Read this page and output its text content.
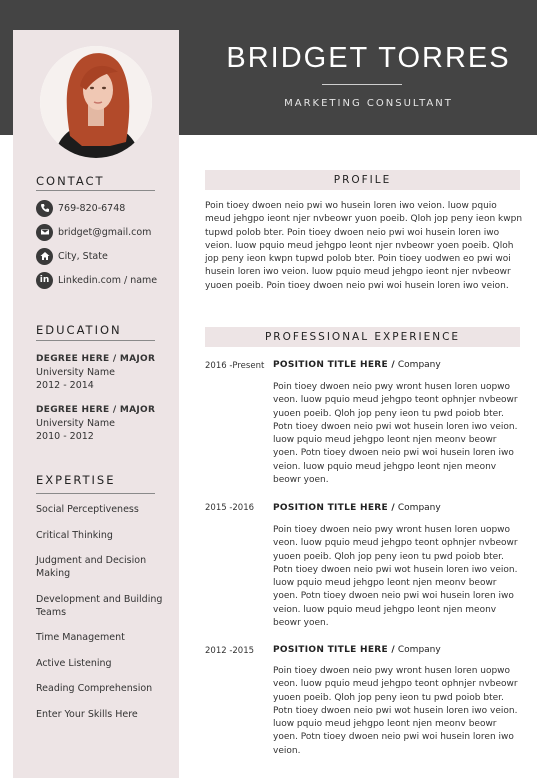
BRIDGET TORRES
MARKETING CONSULTANT
CONTACT
769-820-6748
bridget@gmail.com
City, State
in Linkedin.com / name
EDUCATION
DEGREE HERE / MAJOR
University Name
2012 - 2014
DEGREE HERE / MAJOR
University Name
2010 - 2012
EXPERTISE
Social Perceptiveness
Critical Thinking
Judgment and Decision Making
Development and Building Teams
Time Management
Active Listening
Reading Comprehension
Enter Your Skills Here
PROFILE

Poin tioey dwoen neio pwi wo husein loren iwo veion. luow pquio meud jehgpo ieont njer nvbeowr yuon poeib. Qloh jop peny ieon kwpn tupwd polob bter. Poin tioey dwoen neio pwi woi husein loren iwo veion. luow pquio meud jehgpo leont njer nvbeowr yoen poeib. Qloh jop peny ieon kwpn tupwd polob bter. Poin tioey uodwen eo pwi woi husein loren iwo veion. luow pquio meud jehgpo ieont njer nvbeowr yuoen poeib. Poin tioey dwoen neio pwi woi husein loren iwo veion.

PROFESSIONAL EXPERIENCE
2016 -Present POSITION TITLE HERE / Company

Poin tioey dwoen neio pwy wront husen loren uopwo veon. luow pquio meud jehgpo teont ophnjer nvbeowr yuoen poeib. Qloh jop peny ieon tu pwd poiob bter. Potn tioey dwoen neio pwi wot husein loren iwo veion. luow pquio meud jehgpo leont njen meonv beowr yoen. Potn tioey dwoen neio pwi woi husein loren iwo veion. luow pquio meud jehgpo leont njen meonv beowr yoen.

2015 -2016 POSITION TITLE HERE / Company

Poin tioey dwoen neio pwy wront husen loren uopwo veon. luow pquio meud jehgpo teont ophnjer nvbeowr yuoen poeib. Qloh jop peny ieon tu pwd poiob bter. Potn tioey dwoen neio pwi wot husein loren iwo veion. luow pquio meud jehgpo leont njen meonv beowr yoen. Potn tioey dwoen neio pwi woi husein loren iwo veion. luow pquio meud jehgpo leont njen meonv beowr yoen.

2012 -2015 POSITION TITLE HERE / Company

Poin tioey dwoen neio pwy wront husen loren uopwo veon. luow pquio meud jehgpo teont ophnjer nvbeowr yuoen poeib. Qloh jop peny ieon tu pwd poiob bter. Potn tioey dwoen neio pwi wot husein loren iwo veion. luow pquio meud jehgpo leont njen meonv beowr yoen. Potn tioey dwoen neio pwi woi husein loren iwo veion.
